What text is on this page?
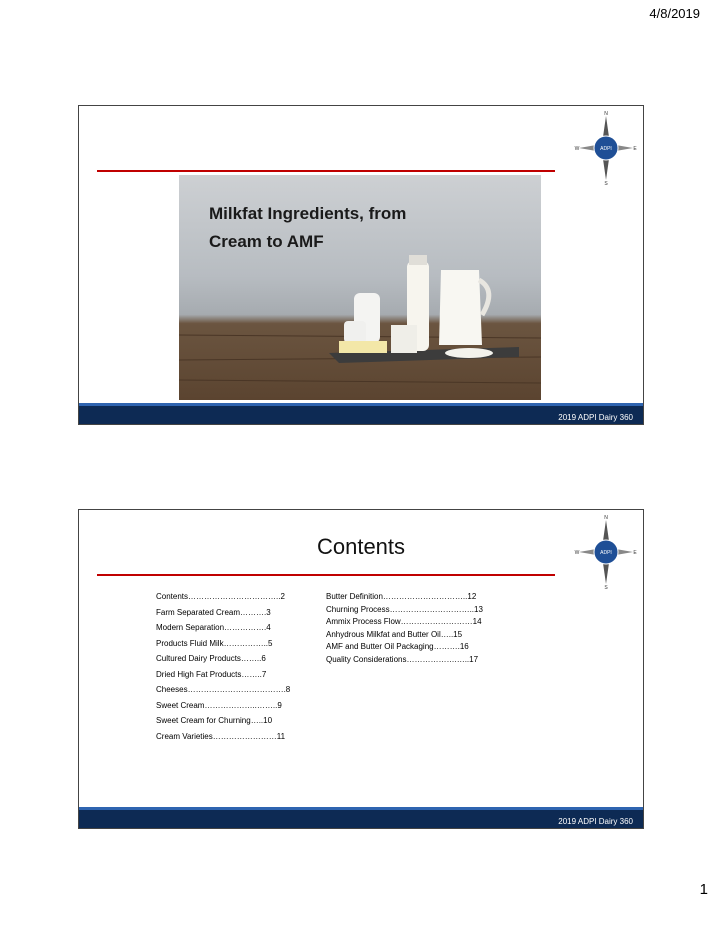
4/8/2019
ADPI
N
E
W
S
Milkfat Ingredients, from
Cream to AMF
2019 ADPI Dairy 360
Contents	ADPI
N
E
W
S
Contents……………………………..2
Farm Separated Cream……….3
Modern Separation…………….4
Products Fluid Milk……………..5
Cultured Dairy Products……..6
Dried High Fat Products……..7
Cheeses……………………………….8
Sweet Cream………………..……..9
Sweet Cream for Churning…..10
Cream Varieties……………………11
Butter Definition…………………………..12
Churning Process…………………………..13
Ammix Process Flow………………………14
Anhydrous Milkfat and Butter Oil…..15
AMF and Butter Oil Packaging……….16
Quality Considerations……………….…..17
2019 ADPI Dairy 360
1
